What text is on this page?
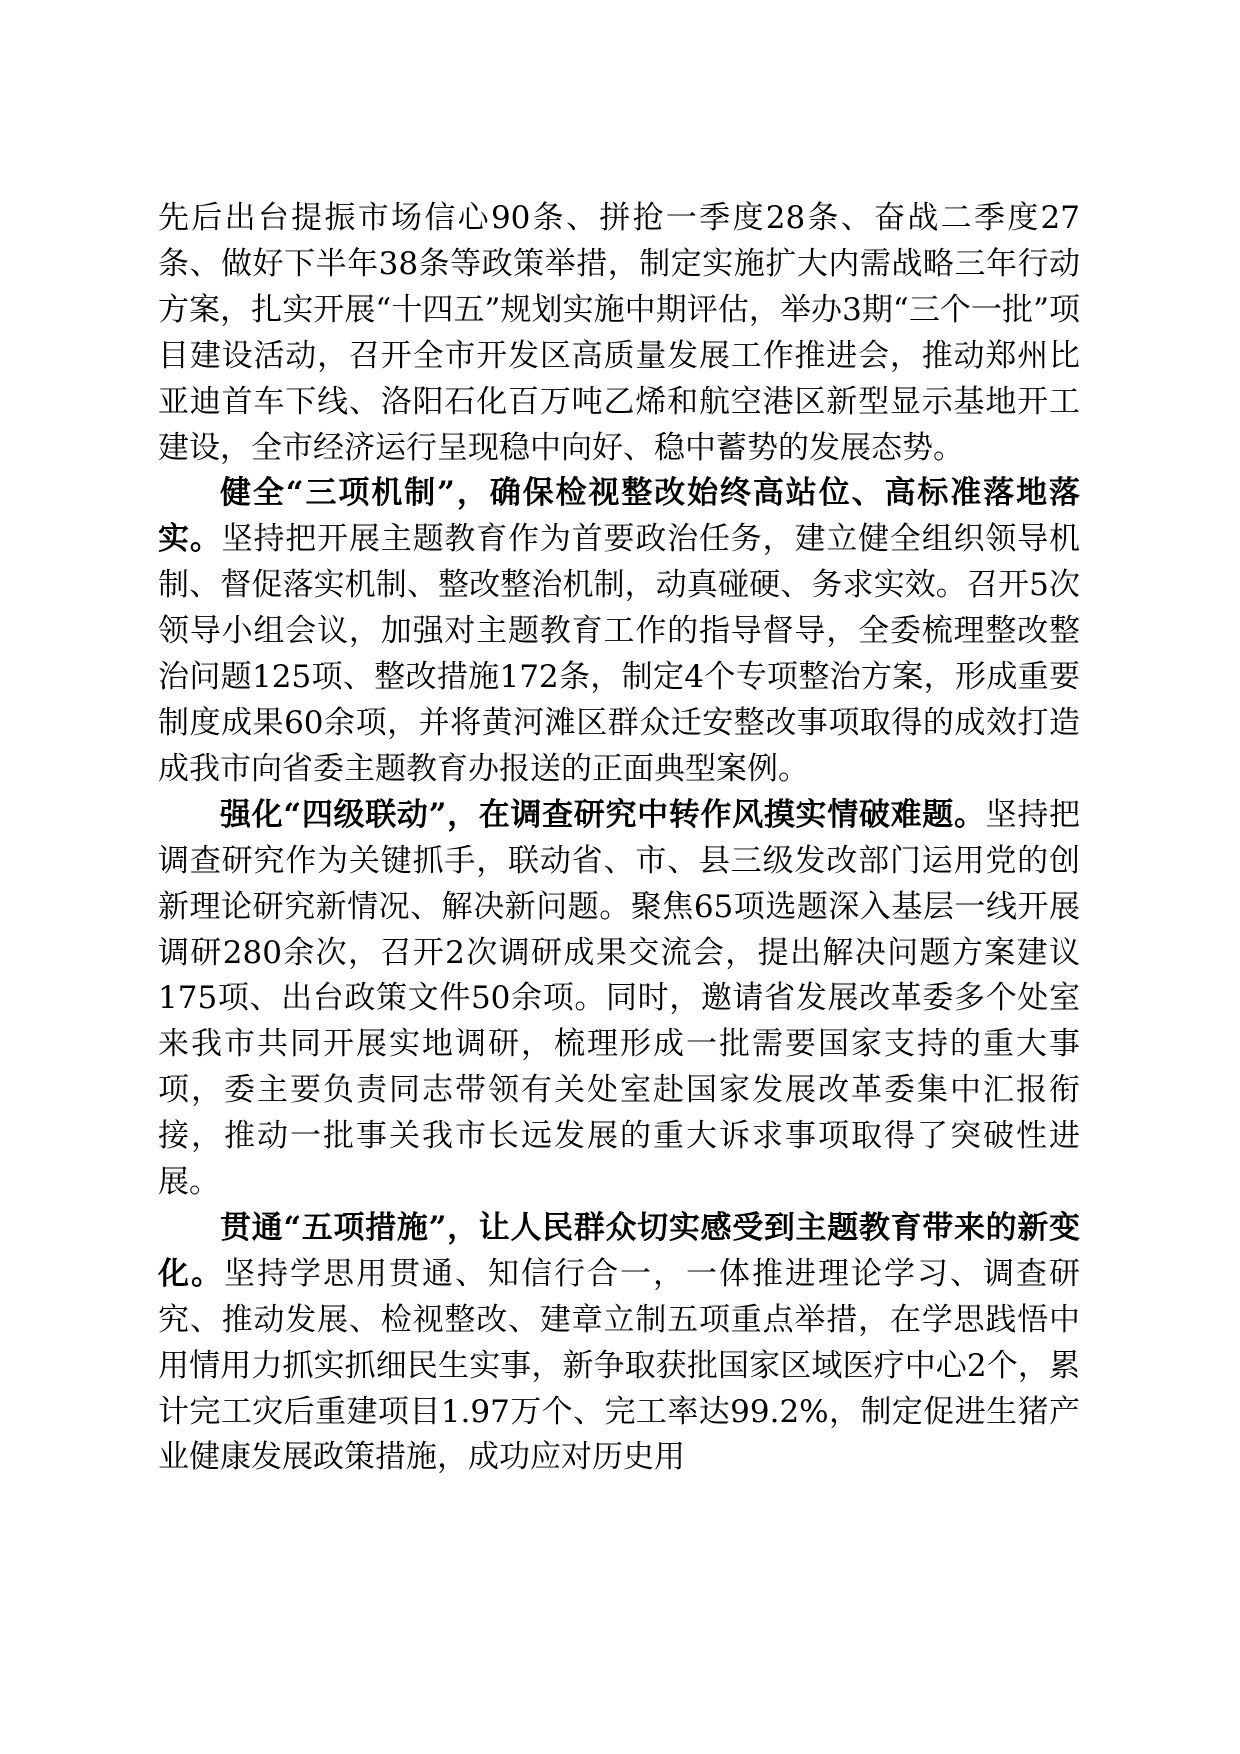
先后出台提振市场信心90条、拼抢一季度28条、奋战二季度27条、做好下半年38条等政策举措，制定实施扩大内需战略三年行动方案，扎实开展“十四五”规划实施中期评估，举办3期“三个一批”项目建设活动，召开全市开发区高质量发展工作推进会，推动郑州比亚迪首车下线、洛阳石化百万吨乙烯和航空港区新型显示基地开工建设，全市经济运行呈现稳中向好、稳中蓄势的发展态势。

健全“三项机制”，确保检视整改始终高站位、高标准落地落实。坚持把开展主题教育作为首要政治任务，建立健全组织领导机制、督促落实机制、整改整治机制，动真碰硬、务求实效。召开5次领导小组会议，加强对主题教育工作的指导督导，全委梳理整改整治问题125项、整改措施172条，制定4个专项整治方案，形成重要制度成果60余项，并将黄河滩区群众迁安整改事项取得的成效打造成我市向省委主题教育办报送的正面典型案例。

强化“四级联动”，在调查研究中转作风摸实情破难题。坚持把调查研究作为关键抓手，联动省、市、县三级发改部门运用党的创新理论研究新情况、解决新问题。聚焦65项选题深入基层一线开展调研280余次，召开2次调研成果交流会，提出解决问题方案建议175项、出台政策文件50余项。同时，邀请省发展改革委多个处室来我市共同开展实地调研，梳理形成一批需要国家支持的重大事项，委主要负责同志带领有关处室赴国家发展改革委集中汇报衔接，推动一批事关我市长远发展的重大诉求事项取得了突破性进展。

贯通“五项措施”，让人民群众切实感受到主题教育带来的新变化。坚持学思用贯通、知信行合一，一体推进理论学习、调查研究、推动发展、检视整改、建章立制五项重点举措，在学思践悟中用情用力抓实抓细民生实事，新争取获批国家区域医疗中心2个，累计完工灾后重建项目1.97万个、完工率达99.2%，制定促进生猪产业健康发展政策措施，成功应对历史用
